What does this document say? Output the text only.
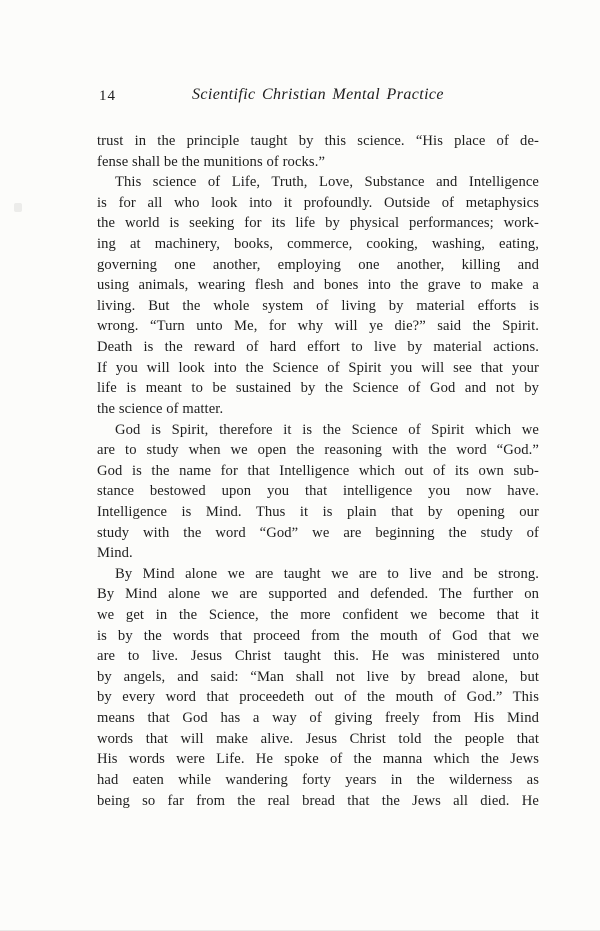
14	Scientific Christian Mental Practice
trust in the principle taught by this science. “His place of de-
fense shall be the munitions of rocks.”
This science of Life, Truth, Love, Substance and Intelligence
is for all who look into it profoundly. Outside of metaphysics
the world is seeking for its life by physical performances; work-
ing at machinery, books, commerce, cooking, washing, eating,
governing one another, employing one another, killing and
using animals, wearing flesh and bones into the grave to make a
living. But the whole system of living by material efforts is
wrong. “Turn unto Me, for why will ye die?” said the Spirit.
Death is the reward of hard effort to live by material actions.
If you will look into the Science of Spirit you will see that your
life is meant to be sustained by the Science of God and not by
the science of matter.
God is Spirit, therefore it is the Science of Spirit which we
are to study when we open the reasoning with the word “God.”
God is the name for that Intelligence which out of its own sub-
stance bestowed upon you that intelligence you now have.
Intelligence is Mind. Thus it is plain that by opening our
study with the word “God” we are beginning the study of
Mind.
By Mind alone we are taught we are to live and be strong.
By Mind alone we are supported and defended. The further on
we get in the Science, the more confident we become that it
is by the words that proceed from the mouth of God that we
are to live. Jesus Christ taught this. He was ministered unto
by angels, and said: “Man shall not live by bread alone, but
by every word that proceedeth out of the mouth of God.” This
means that God has a way of giving freely from His Mind
words that will make alive. Jesus Christ told the people that
His words were Life. He spoke of the manna which the Jews
had eaten while wandering forty years in the wilderness as
being so far from the real bread that the Jews all died. He
